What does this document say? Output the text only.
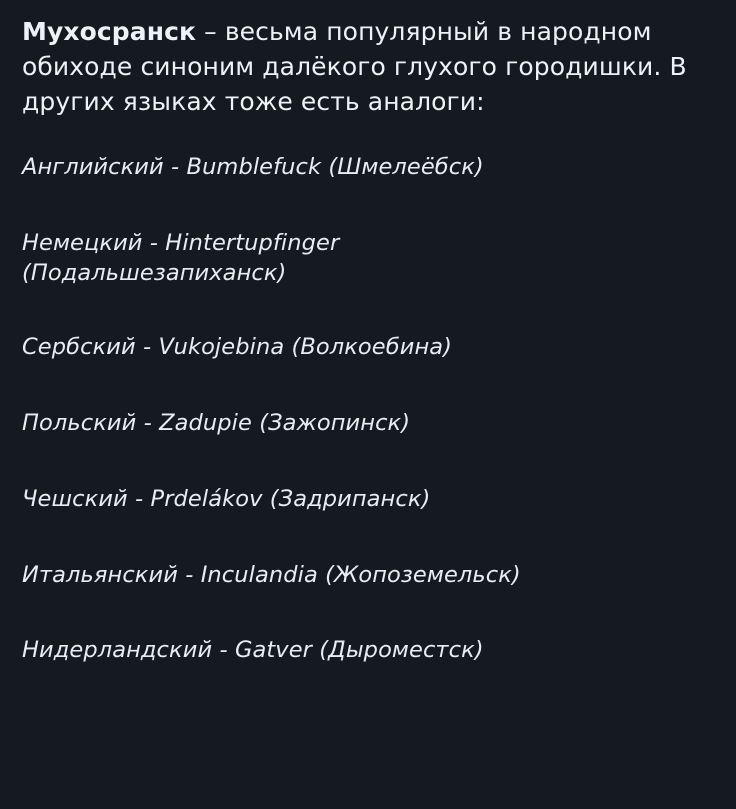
Мухосранск – весьма популярный в народном обиходе синоним далёкого глухого городишки. В других языках тоже есть аналоги:

Английский - Bumblefuck (Шмелеёбск)

Немецкий - Hintertupfinger
(Подальшезапиханск)

Сербский - Vukojebina (Волкоебина)

Польский - Zadupie (Зажопинск)

Чешский - Prdelákov (Задрипанск)

Итальянский - Inculandia (Жопоземельск)

Нидерландский - Gatver (Дыроместск)
